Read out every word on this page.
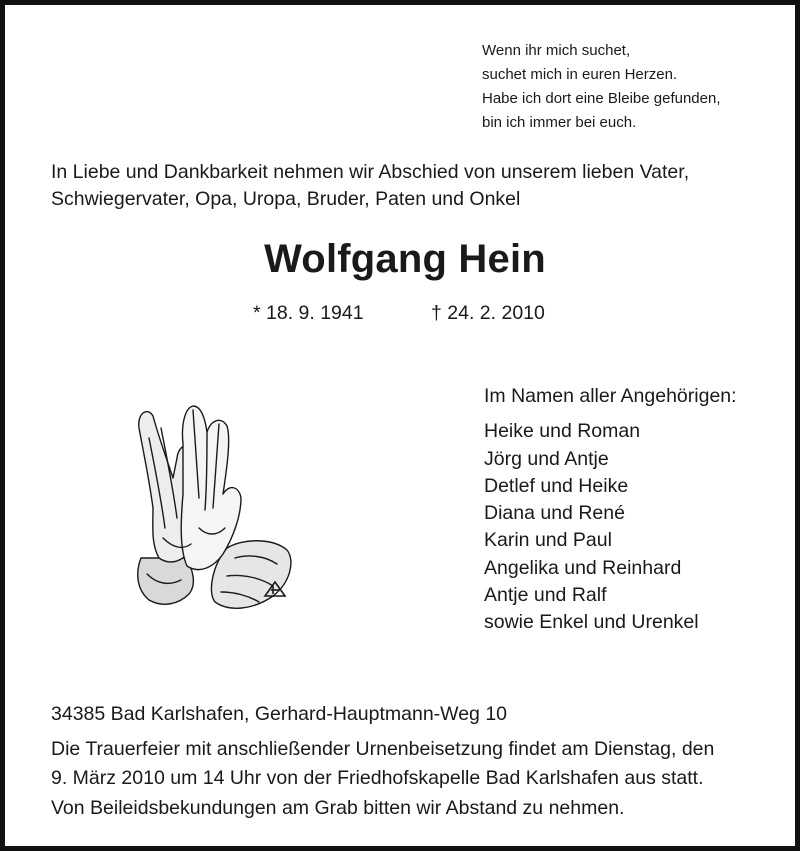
Wenn ihr mich suchet,
suchet mich in euren Herzen.
Habe ich dort eine Bleibe gefunden,
bin ich immer bei euch.
In Liebe und Dankbarkeit nehmen wir Abschied von unserem lieben Vater,
Schwiegervater, Opa, Uropa, Bruder, Paten und Onkel
Wolfgang Hein
* 18. 9. 1941	† 24. 2. 2010
Im Namen aller Angehörigen:
Heike und Roman
Jörg und Antje
Detlef und Heike
Diana und René
Karin und Paul
Angelika und Reinhard
Antje und Ralf
sowie Enkel und Urenkel
34385 Bad Karlshafen, Gerhard-Hauptmann-Weg 10
Die Trauerfeier mit anschließender Urnenbeisetzung findet am Dienstag, den
9. März 2010 um 14 Uhr von der Friedhofskapelle Bad Karlshafen aus statt.
Von Beileidsbekundungen am Grab bitten wir Abstand zu nehmen.
